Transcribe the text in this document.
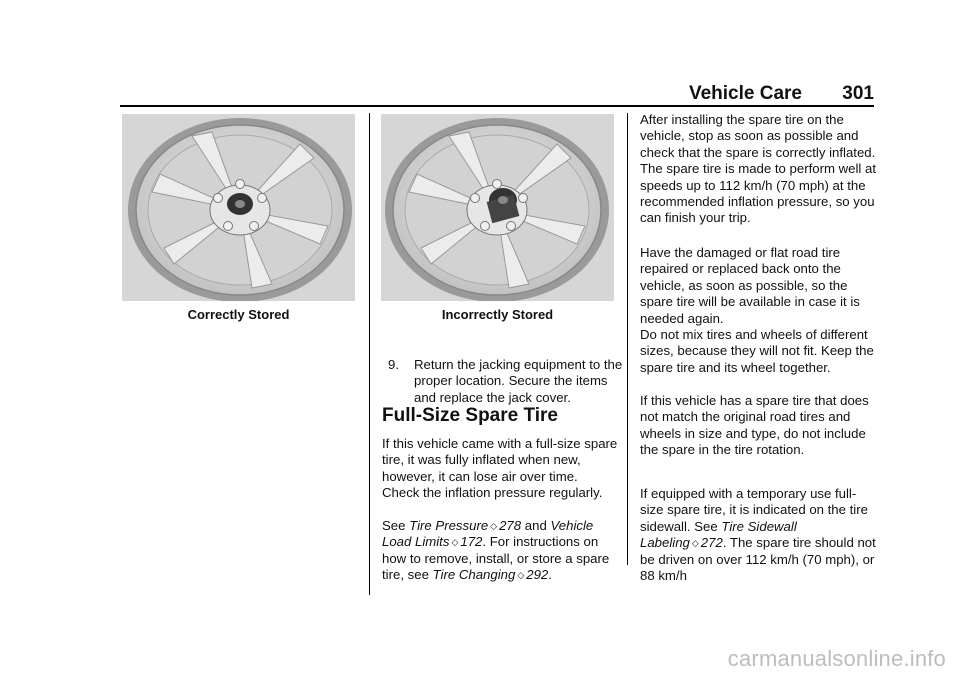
Vehicle Care 301
Correctly Stored	Incorrectly Stored
9. Return the jacking equipment to the proper location. Secure the items and replace the jack cover.
Full-Size Spare Tire

If this vehicle came with a full-size spare tire, it was fully inflated when new, however, it can lose air over time. Check the inflation pressure regularly.

See Tire Pressure ◇ 278 and Vehicle Load Limits ◇ 172. For instructions on how to remove, install, or store a spare tire, see Tire Changing ◇ 292.

After installing the spare tire on the vehicle, stop as soon as possible and check that the spare is correctly inflated. The spare tire is made to perform well at speeds up to 112 km/h (70 mph) at the recommended inflation pressure, so you can finish your trip.

Have the damaged or flat road tire repaired or replaced back onto the vehicle, as soon as possible, so the spare tire will be available in case it is needed again.

Do not mix tires and wheels of different sizes, because they will not fit. Keep the spare tire and its wheel together.

If this vehicle has a spare tire that does not match the original road tires and wheels in size and type, do not include the spare in the tire rotation.

If equipped with a temporary use full-size spare tire, it is indicated on the tire sidewall. See Tire Sidewall Labeling ◇ 272. The spare tire should not be driven on over 112 km/h (70 mph), or 88 km/h

carmanualsonline.info
